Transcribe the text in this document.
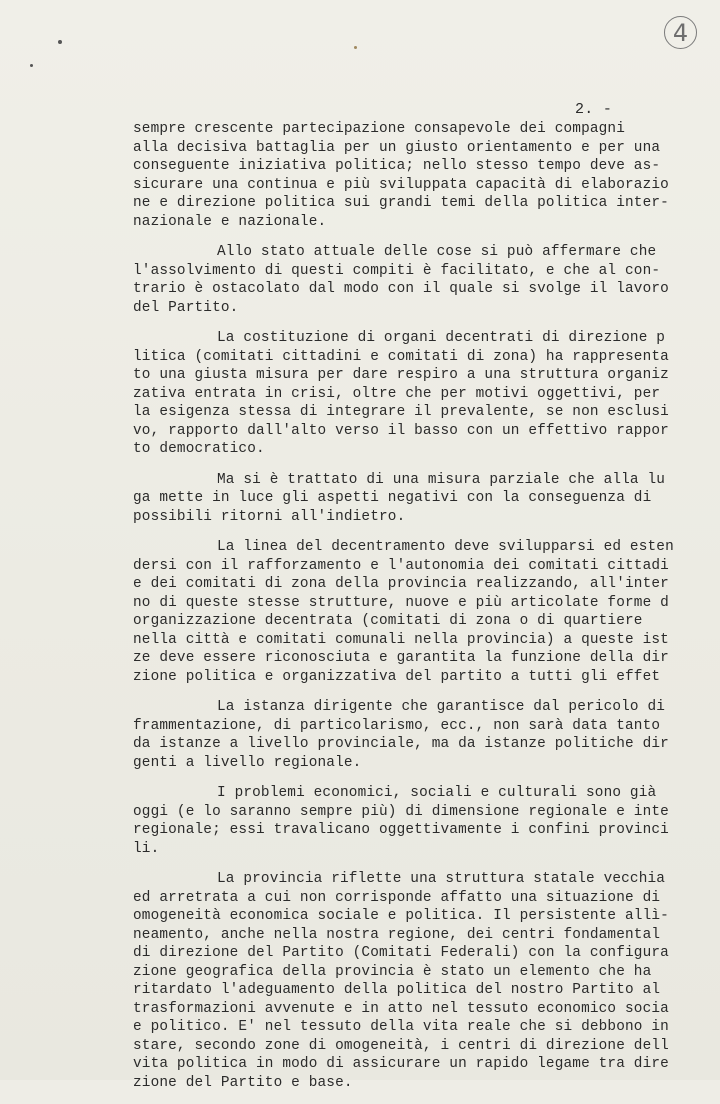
4
2. -
sempre crescente partecipazione consapevole dei compagni
alla decisiva battaglia per un giusto orientamento e per una
conseguente iniziativa politica; nello stesso tempo deve as-
sicurare una continua e più sviluppata capacità di elaborazio
ne e direzione politica sui grandi temi della politica inter-
nazionale e nazionale.
Allo stato attuale delle cose si può affermare che
l'assolvimento di questi compiti è facilitato, e che al con-
trario è ostacolato dal modo con il quale si svolge il lavoro
del Partito.
La costituzione di organi decentrati di direzione p
litica (comitati cittadini e comitati di zona) ha rappresenta
to una giusta misura per dare respiro a una struttura organiz
zativa entrata in crisi, oltre che per motivi oggettivi, per
la esigenza stessa di integrare il prevalente, se non esclusi
vo, rapporto dall'alto verso il basso con un effettivo rappor
to democratico.
Ma si è trattato di una misura parziale che alla lu
ga mette in luce gli aspetti negativi con la conseguenza di
possibili ritorni all'indietro.
La linea del decentramento deve svilupparsi ed esten
dersi con il rafforzamento e l'autonomia dei comitati cittadi
e dei comitati di zona della provincia realizzando, all'inter
no di queste stesse strutture, nuove e più articolate forme d
organizzazione decentrata (comitati di zona o di quartiere
nella città e comitati comunali nella provincia) a queste ist
ze deve essere riconosciuta e garantita la funzione della dir
zione politica e organizzativa del partito a tutti gli effet
La istanza dirigente che garantisce dal pericolo di
frammentazione, di particolarismo, ecc., non sarà data tanto
da istanze a livello provinciale, ma da istanze politiche dir
genti a livello regionale.
I problemi economici, sociali e culturali sono già
oggi (e lo saranno sempre più) di dimensione regionale e inte
regionale; essi travalicano oggettivamente i confini provinci
li.
La provincia riflette una struttura statale vecchia
ed arretrata a cui non corrisponde affatto una situazione di
omogeneità economica sociale e politica. Il persistente allì-
neamento, anche nella nostra regione, dei centri fondamental
di direzione del Partito (Comitati Federali) con la configura
zione geografica della provincia è stato un elemento che ha
ritardato l'adeguamento della politica del nostro Partito al
trasformazioni avvenute e in atto nel tessuto economico socia
e politico. E' nel tessuto della vita reale che si debbono in
stare, secondo zone di omogeneità, i centri di direzione dell
vita politica in modo di assicurare un rapido legame tra dire
zione del Partito e base.
